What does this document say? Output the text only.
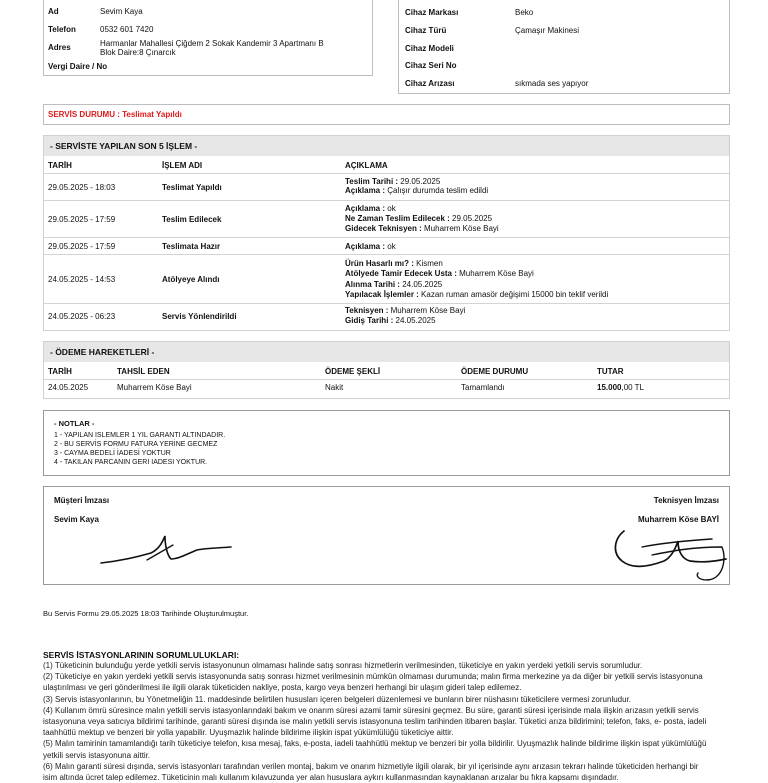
Ad	Sevim Kaya
Telefon	0532 601 7420
Adres	Harmanlar Mahallesi Çiğdem 2 Sokak Kandemir 3 Apartmanı B
Blok Daire:8 Çınarcık
Vergi Daire / No
Cihaz Markası	Beko
Cihaz Türü	Çamaşır Makinesi
Cihaz Modeli
Cihaz Seri No
Cihaz Arızası	sıkmada ses yapıyor
SERVİS DURUMU : Teslimat Yapıldı
- SERVİSTE YAPILAN SON 5 İŞLEM -
TARİH	İŞLEM ADI	AÇIKLAMA
29.05.2025 - 18:03	Teslimat Yapıldı
Teslim Tarihi : 29.05.2025
Açıklama : Çalışır durumda teslim edildi
29.05.2025 - 17:59	Teslim Edilecek
Açıklama : ok
Ne Zaman Teslim Edilecek : 29.05.2025
Gidecek Teknisyen : Muharrem Köse Bayi
29.05.2025 - 17:59	Teslimata Hazır	Açıklama : ok
24.05.2025 - 14:53	Atölyeye Alındı
Ürün Hasarlı mı? : Kismen
Atölyede Tamir Edecek Usta : Muharrem Köse Bayi
Alınma Tarihi : 24.05.2025
Yapılacak İşlemler : Kazan ruman amasör değişimi 15000 bin teklif verildi
24.05.2025 - 06:23	Servis Yönlendirildi
Teknisyen : Muharrem Köse Bayi
Gidiş Tarihi : 24.05.2025
- ÖDEME HAREKETLERİ -
TARİH	TAHSİL EDEN	ÖDEME ŞEKLİ	ÖDEME DURUMU	TUTAR
24.05.2025	Muharrem Köse Bayi	Nakit	Tamamlandı	15.000,00 TL
- NOTLAR -
1 - YAPILAN ISLEMLER 1 YIL GARANTI ALTINDADIR.
2 - BU SERVİS FORMU FATURA YERİNE GECMEZ
3 - CAYMA BEDELİ İADESİ YOKTUR
4 - TAKILAN PARCANIN GERI IADESI YOKTUR.
Müşteri İmzası
Sevim Kaya
Teknisyen İmzası
Muharrem Köse BAYİ
Bu Servis Formu 29.05.2025 18:03 Tarihinde Oluşturulmuştur.
SERVİS İSTASYONLARININ SORUMLULUKLARI:
(1) Tüketicinin bulunduğu yerde yetkili servis istasyonunun olmaması halinde satış sonrası hizmetlerin verilmesinden, tüketiciye en yakın yerdeki yetkili servis sorumludur.
(2) Tüketiciye en yakın yerdeki yetkili servis istasyonunda satış sonrası hizmet verilmesinin mümkün olmaması durumunda; malın firma merkezine ya da diğer bir yetkili servis istasyonuna
ulaştırılması ve geri gönderilmesi ile ilgili olarak tüketiciden nakliye, posta, kargo veya benzeri herhangi bir ulaşım gideri talep edilemez.
(3) Servis istasyonlarının, bu Yönetmeliğin 11. maddesinde belirtilen hususları içeren belgeleri düzenlemesi ve bunların birer nüshasını tüketicilere vermesi zorunludur.
(4) Kullanım ömrü süresince malın yetkili servis istasyonlarındaki bakım ve onarım süresi azami tamir süresini geçmez. Bu süre, garanti süresi içerisinde mala ilişkin arızasın yetkili servis
istasyonuna veya satıcıya bildirimi tarihinde, garanti süresi dışında ise malın yetkili servis istasyonuna teslim tarihinden itibaren başlar. Tüketici arıza bildirimini; telefon, faks, e- posta, iadeli
taahhütlü mektup ve benzeri bir yolla yapabilir. Uyuşmazlık halinde bildirime ilişkin ispat yükümlülüğü tüketiciye aittir.
(5) Malın tamirinin tamamlandığı tarih tüketiciye telefon, kısa mesaj, faks, e-posta, iadeli taahhütlü mektup ve benzeri bir yolla bildirilir. Uyuşmazlık halinde bildirime ilişkin ispat yükümlülüğü
yetkili servis istasyonuna aittir.
(6) Malın garanti süresi dışında, servis istasyonları tarafından verilen montaj, bakım ve onarım hizmetiyle ilgili olarak, bir yıl içerisinde aynı arızasın tekrarı halinde tüketiciden herhangi bir
isim altında ücret talep edilemez. Tüketicinin malı kullanım kılavuzunda yer alan hususlara aykırı kullanmasından kaynaklanan arızalar bu fıkra kapsamı dışındadır.
